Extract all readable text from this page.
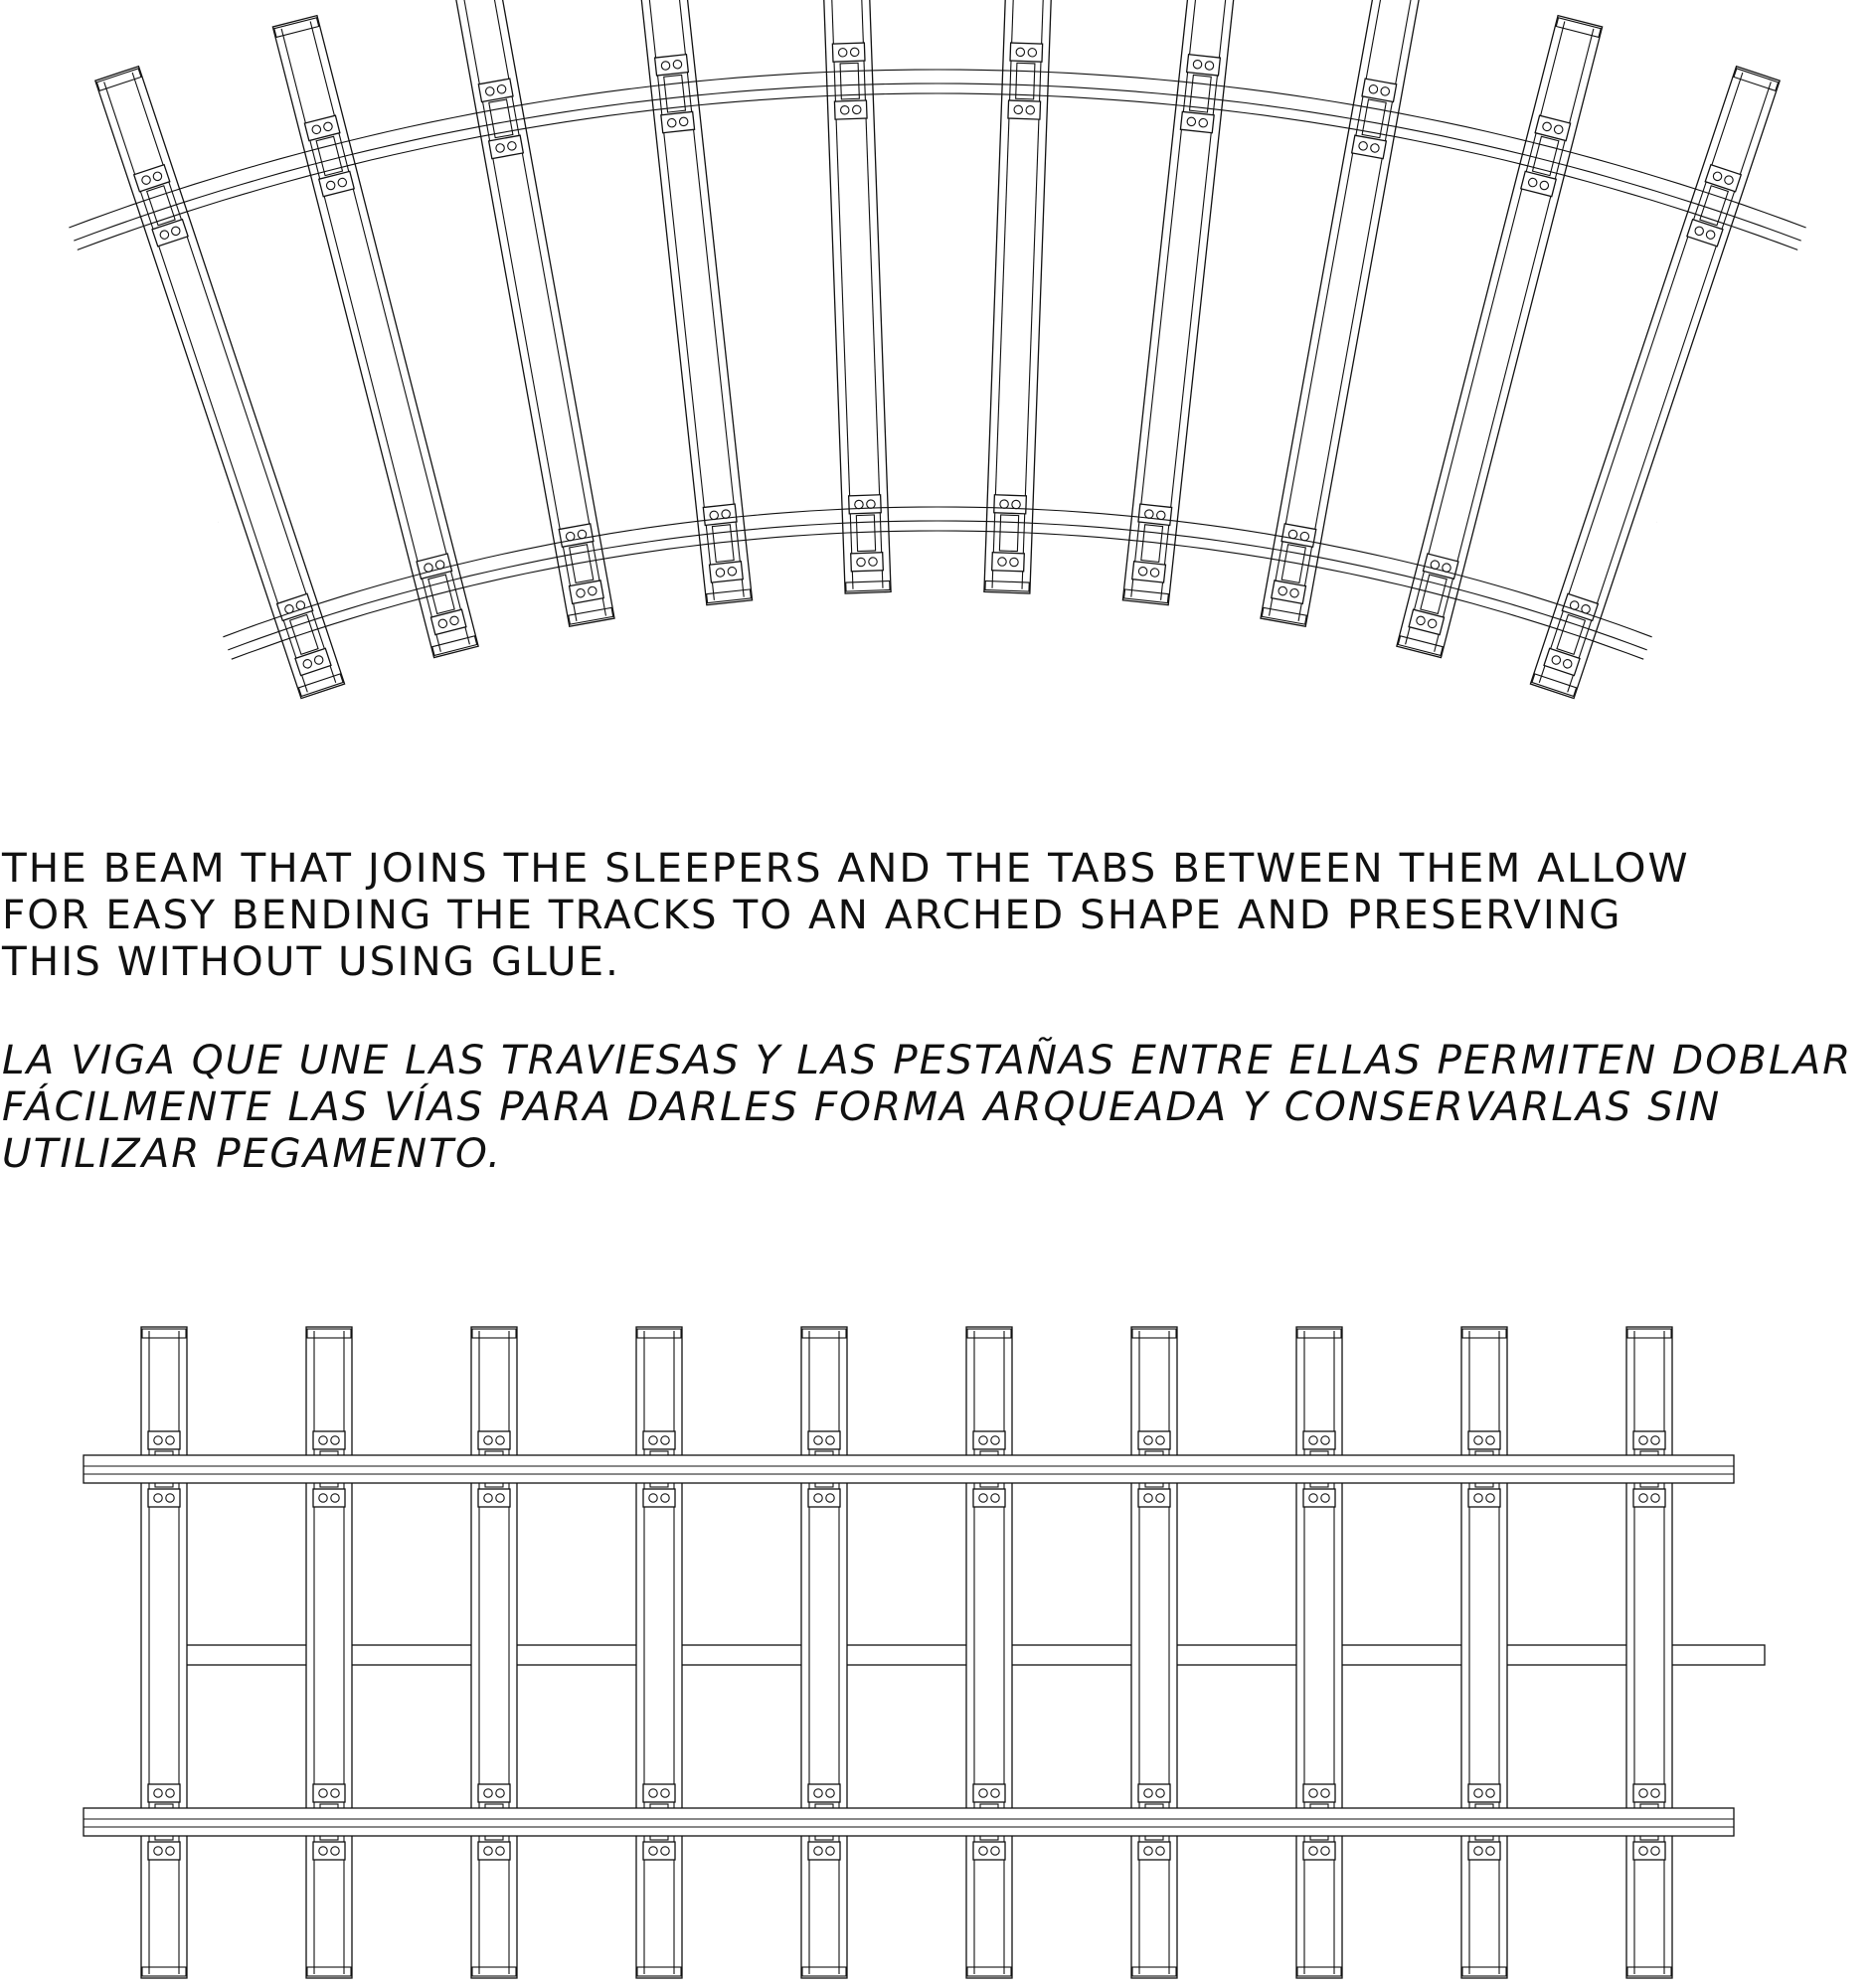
THE BEAM THAT JOINS THE SLEEPERS AND THE TABS BETWEEN THEM ALLOW
FOR EASY BENDING THE TRACKS TO AN ARCHED SHAPE AND PRESERVING
THIS WITHOUT USING GLUE.

LA VIGA QUE UNE LAS TRAVIESAS Y LAS PESTAÑAS ENTRE ELLAS PERMITEN DOBLAR
FÁCILMENTE LAS VÍAS PARA DARLES FORMA ARQUEADA Y CONSERVARLAS SIN
UTILIZAR PEGAMENTO.
